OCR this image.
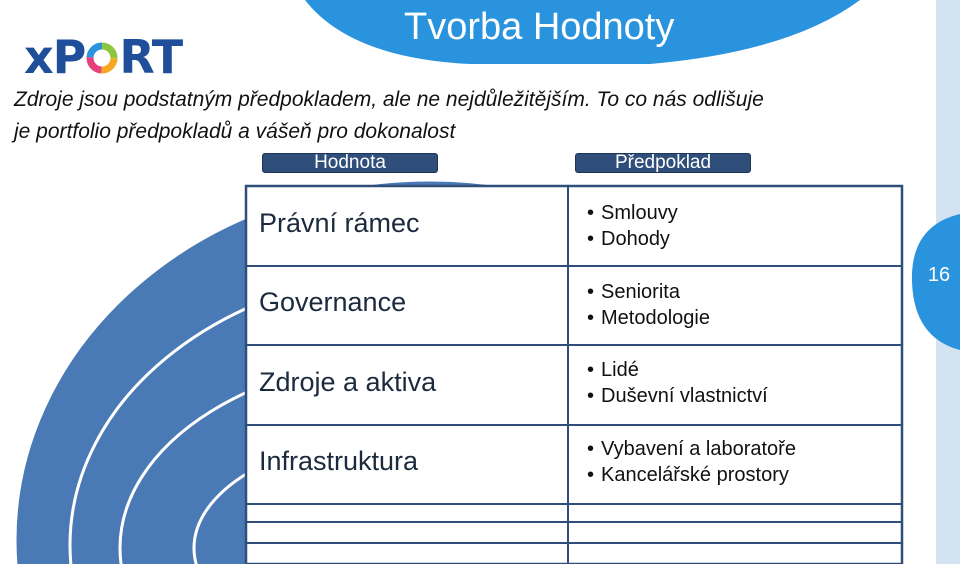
Tvorba Hodnoty
xP RT
Zdroje jsou podstatným předpokladem, ale ne nejdůležitějším. To co nás odlišuje
je portfolio předpokladů a vášeň pro dokonalost
Hodnota	Předpoklad
Právní rámec
Governance
Zdroje a aktiva
Infrastruktura
• Smlouvy
• Dohody
• Seniorita
• Metodologie
• Lidé
• Duševní vlastnictví
• Vybavení a laboratoře
• Kancelářské prostory
16
